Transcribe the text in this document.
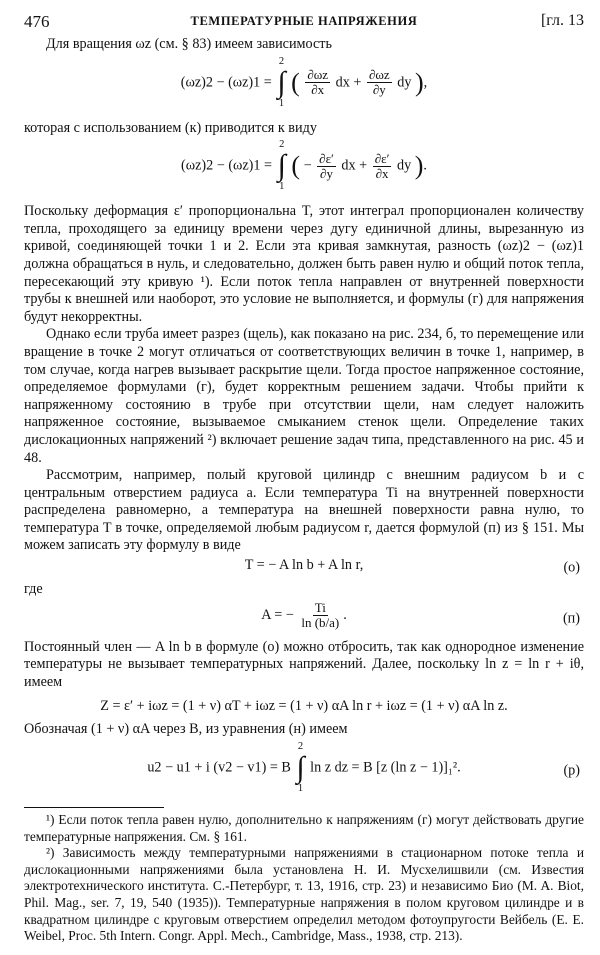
476	ТЕМПЕРАТУРНЫЕ НАПРЯЖЕНИЯ	[гл. 13

Для вращения ωz (см. § 83) имеем зависимость

(ωz)2 − (ωz)1 =
2
∫
1
( $\frac{\partial\omega z}{\partial x}$ dx + $\frac{\partial\omega z}{\partial y}$ dy ),

которая с использованием (к) приводится к виду

(ωz)2 − (ωz)1 =
2
∫
1
( − $\frac{\partial\varepsilon'}{\partial y}$ dx + $\frac{\partial\varepsilon'}{\partial x}$ dy ).

Поскольку деформация ε′ пропорциональна T, этот интеграл пропорционален количеству тепла, проходящего за единицу времени через дугу единичной длины, вырезанную из кривой, соединяющей точки 1 и 2. Если эта кривая замкнутая, разность (ωz)2 − (ωz)1 должна обращаться в нуль, и следовательно, должен быть равен нулю и общий поток тепла, пересекающий эту кривую ¹). Если поток тепла направлен от внутренней поверхности трубы к внешней или наоборот, это условие не выполняется, и формулы (г) для напряжения будут некорректны.

Однако если труба имеет разрез (щель), как показано на рис. 234, б, то перемещение или вращение в точке 2 могут отличаться от соответствующих величин в точке 1, например, в том случае, когда нагрев вызывает раскрытие щели. Тогда простое напряженное состояние, определяемое формулами (г), будет корректным решением задачи. Чтобы прийти к напряженному состоянию в трубе при отсутствии щели, нам следует наложить напряженное состояние, вызываемое смыканием стенок щели. Определение таких дислокационных напряжений ²) включает решение задач типа, представленного на рис. 45 и 48.

Рассмотрим, например, полый круговой цилиндр с внешним радиусом b и с центральным отверстием радиуса a. Если температура Ti на внутренней поверхности распределена равномерно, а температура на внешней поверхности равна нулю, то температура T в точке, определяемой любым радиусом r, дается формулой (п) из § 151. Мы можем записать эту формулу в виде

T = − A ln b + A ln r,	(о)

где

A = − $\frac{Ti}{\ln (b/a)}$ .	(п)

Постоянный член — A ln b в формуле (о) можно отбросить, так как однородное изменение температуры не вызывает температурных напряжений. Далее, поскольку ln z = ln r + iθ, имеем

Z = ε′ + iωz = (1 + ν) αT + iωz = (1 + ν) αA ln r + iωz = (1 + ν) αA ln z.

Обозначая (1 + ν) αA через B, из уравнения (н) имеем

u2 − u1 + i (v2 − v1) = B
2
∫
1
ln z dz = B [z (ln z − 1)]₁².	(р)

¹) Если поток тепла равен нулю, дополнительно к напряжениям (г) могут действовать другие температурные напряжения. См. § 161.

²) Зависимость между температурными напряжениями в стационарном потоке тепла и дислокационными напряжениями была установлена Н. И. Мусхелишвили (см. Известия электротехнического института. С.-Петербург, т. 13, 1916, стр. 23) и независимо Био (M. A. Biot, Phil. Mag., ser. 7, 19, 540 (1935)). Температурные напряжения в полом круговом цилиндре и в квадратном цилиндре с круговым отверстием определил методом фотоупругости Вейбель (E. E. Weibel, Proc. 5th Intern. Congr. Appl. Mech., Cambridge, Mass., 1938, стр. 213).
